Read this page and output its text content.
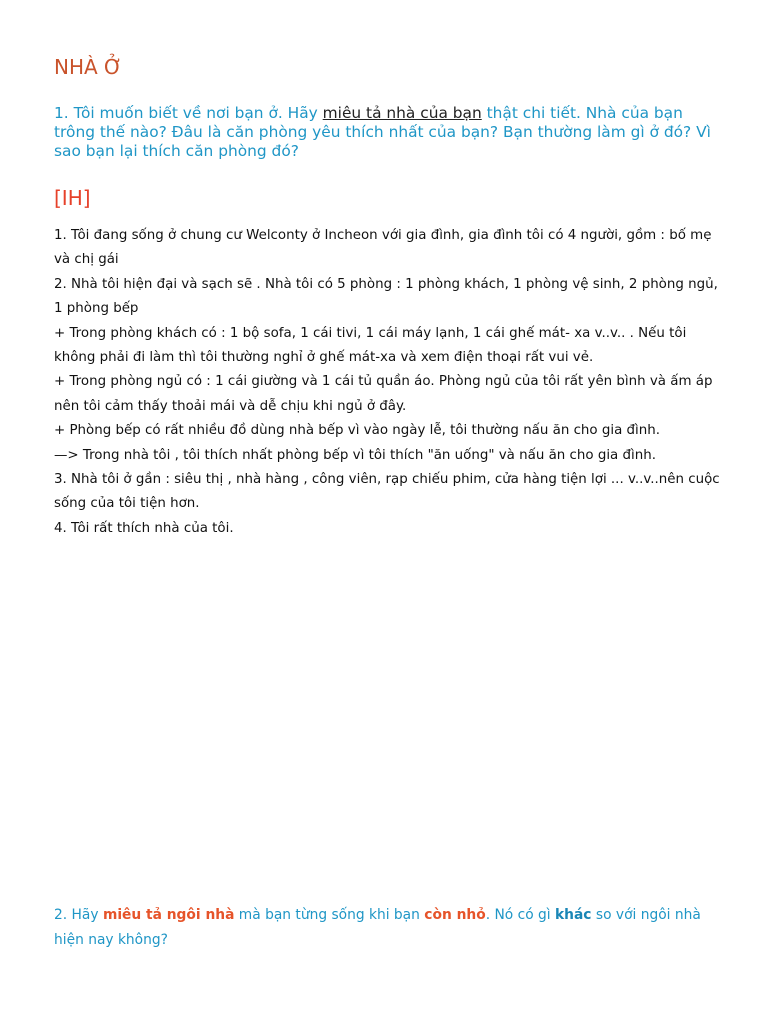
NHÀ Ở

1. Tôi muốn biết về nơi bạn ở. Hãy miêu tả nhà của bạn thật chi tiết. Nhà của bạn trông thế nào? Đâu là căn phòng yêu thích nhất của bạn? Bạn thường làm gì ở đó? Vì sao bạn lại thích căn phòng đó?

[IH]

1. Tôi đang sống ở chung cư Welconty ở Incheon với gia đình, gia đình tôi có 4 người, gồm : bố mẹ và chị gái

2. Nhà tôi hiện đại và sạch sẽ . Nhà tôi có 5 phòng : 1 phòng khách, 1 phòng vệ sinh, 2 phòng ngủ, 1 phòng bếp

+ Trong phòng khách có : 1 bộ sofa, 1 cái tivi, 1 cái máy lạnh, 1 cái ghế mát- xa v..v.. . Nếu tôi không phải đi làm thì tôi thường nghỉ ở ghế mát-xa và xem điện thoại rất vui vẻ.

+ Trong phòng ngủ có : 1 cái giường và 1 cái tủ quần áo. Phòng ngủ của tôi rất yên bình và ấm áp nên tôi cảm thấy thoải mái và dễ chịu khi ngủ ở đây.

+ Phòng bếp có rất nhiều đồ dùng nhà bếp vì vào ngày lễ, tôi thường nấu ăn cho gia đình.

—> Trong nhà tôi , tôi thích nhất phòng bếp vì tôi thích "ăn uống" và nấu ăn cho gia đình.

3. Nhà tôi ở gần : siêu thị , nhà hàng , công viên, rạp chiếu phim, cửa hàng tiện lợi ... v..v..nên cuộc sống của tôi tiện hơn.

4. Tôi rất thích nhà của tôi.

2. Hãy miêu tả ngôi nhà mà bạn từng sống khi bạn còn nhỏ. Nó có gì khác so với ngôi nhà hiện nay không?
